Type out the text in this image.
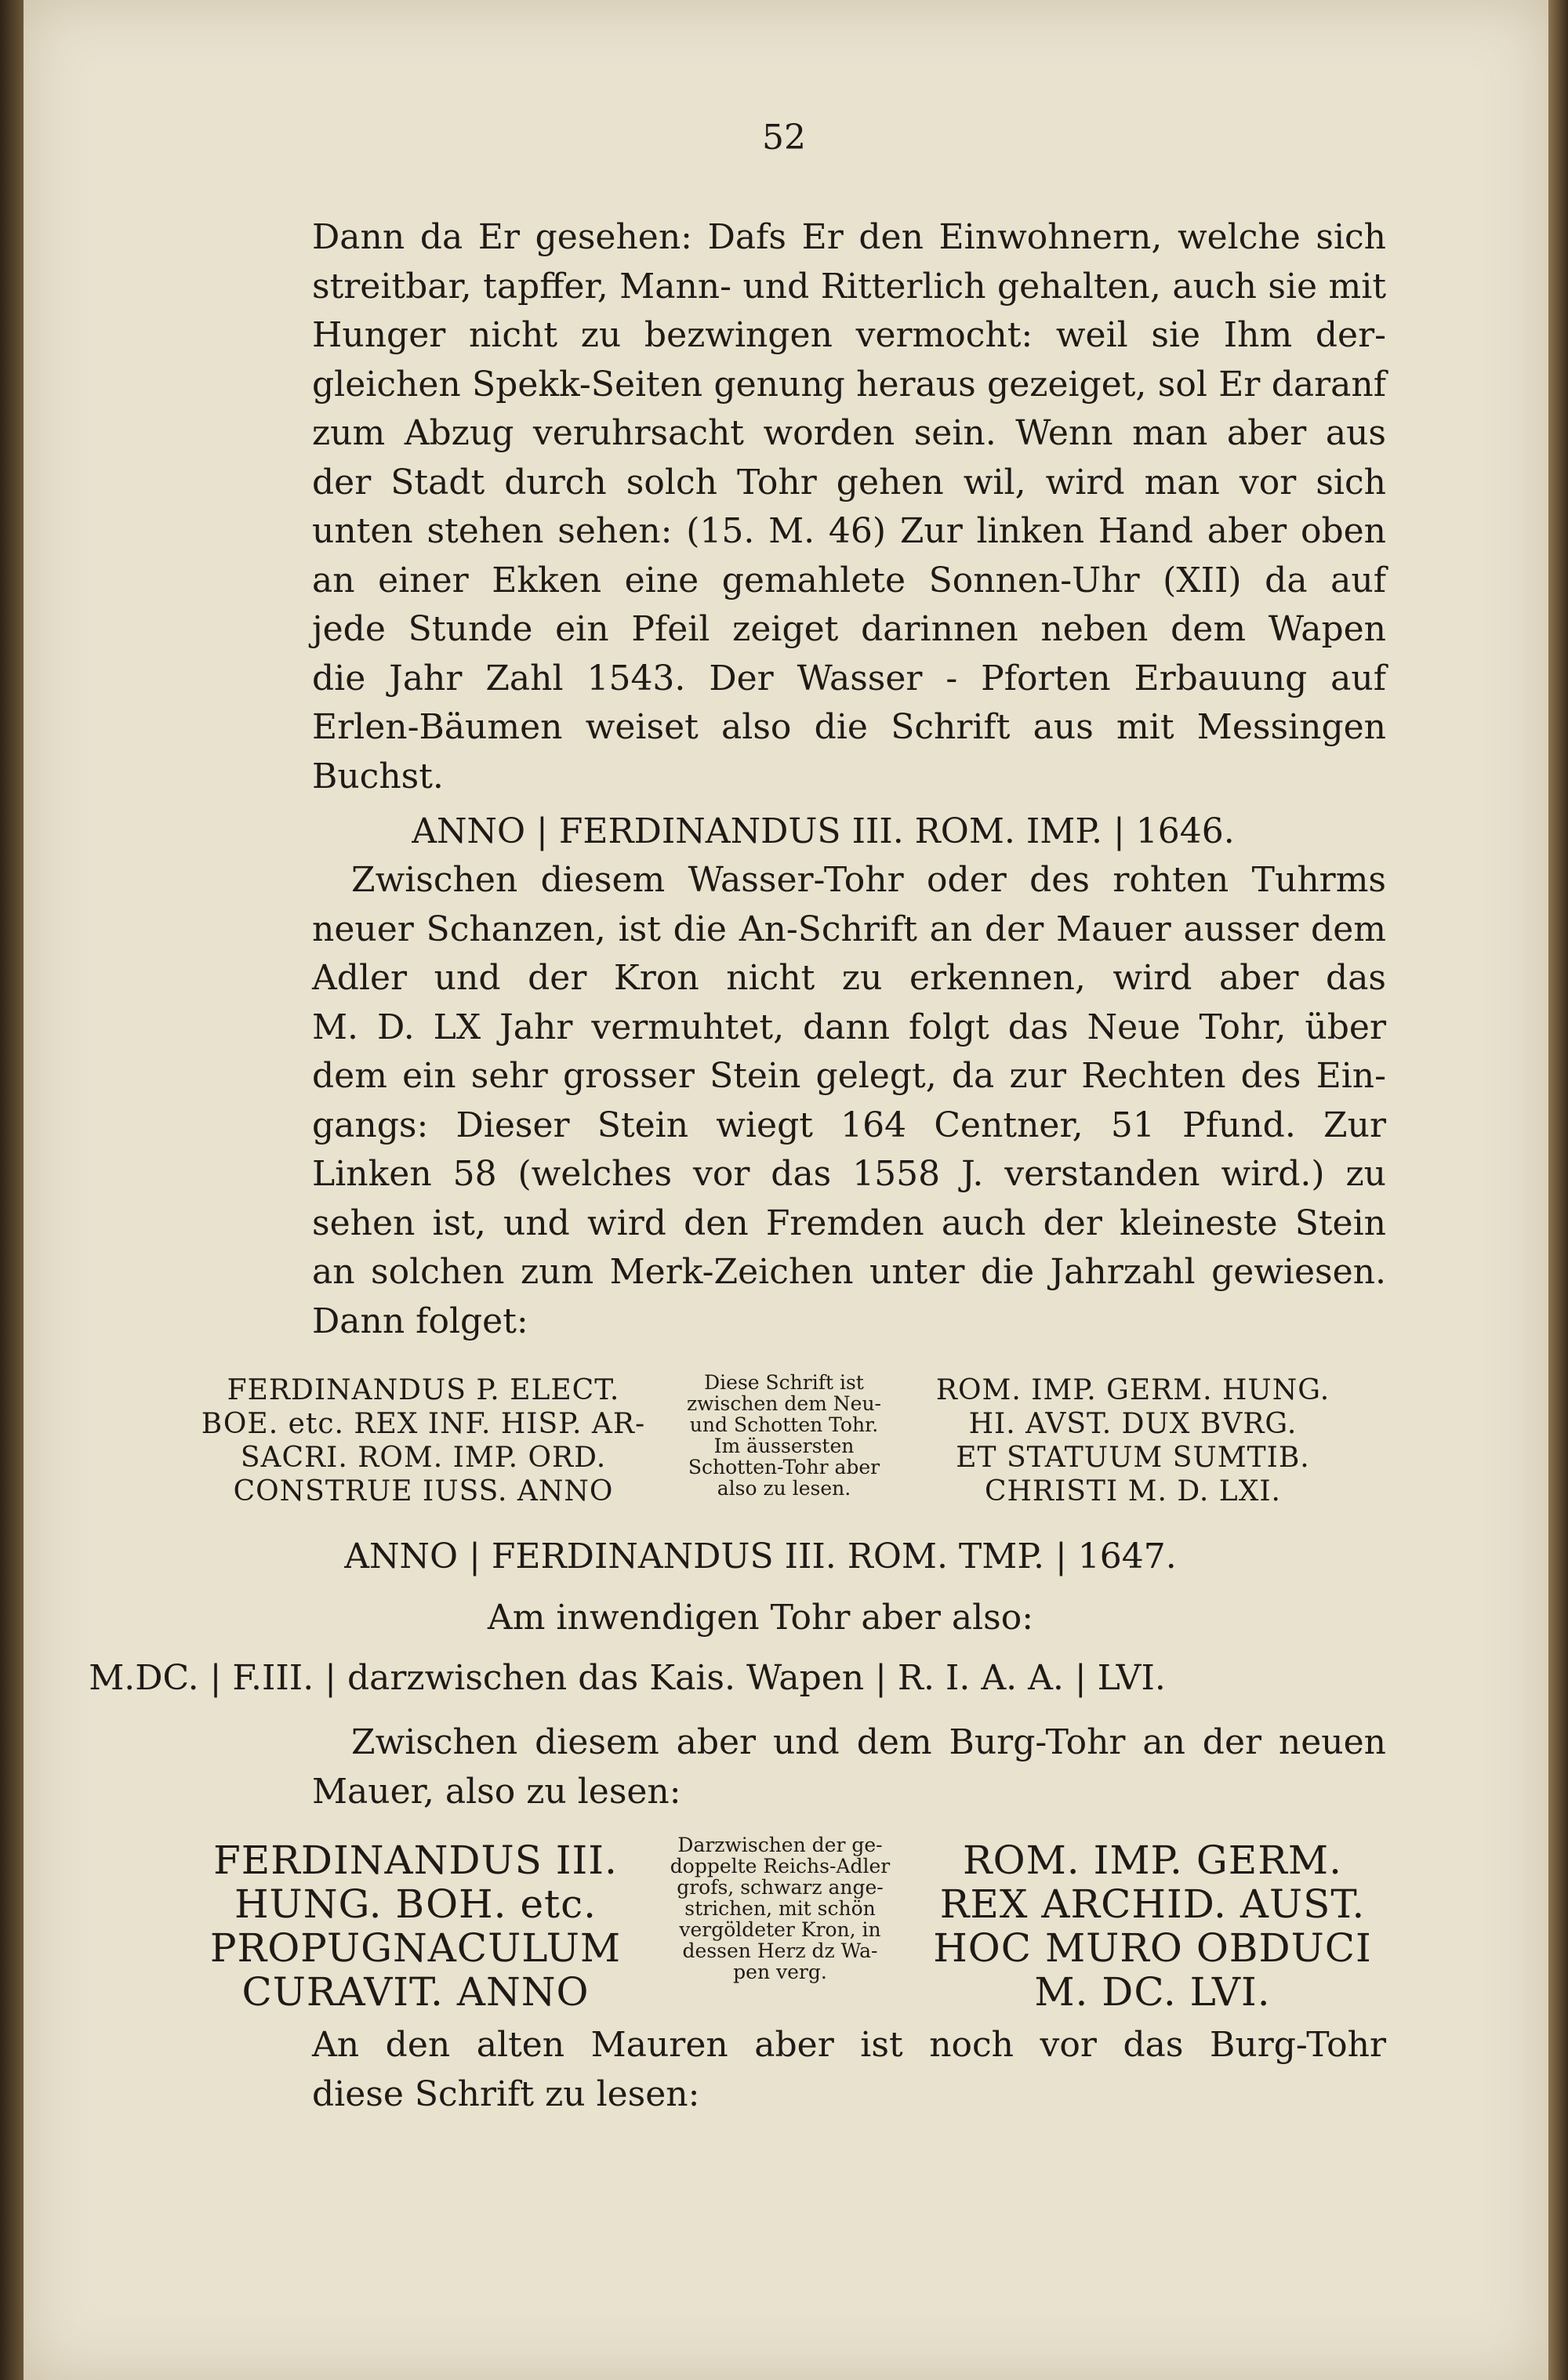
52

Dann da Er gesehen: Dafs Er den Einwohnern, welche sich
streitbar, tapffer, Mann- und Ritterlich gehalten, auch sie mit
Hunger nicht zu bezwingen vermocht: weil sie Ihm der-
gleichen Spekk-Seiten genung heraus gezeiget, sol Er daranf
zum Abzug veruhrsacht worden sein. Wenn man aber aus
der Stadt durch solch Tohr gehen wil, wird man vor sich
unten stehen sehen: (15. M. 46) Zur linken Hand aber oben
an einer Ekken eine gemahlete Sonnen-Uhr (XII) da auf
jede Stunde ein Pfeil zeiget darinnen neben dem Wapen
die Jahr Zahl 1543. Der Wasser - Pforten Erbauung auf
Erlen-Bäumen weiset also die Schrift aus mit Messingen
Buchst.

ANNO | FERDINANDUS III. ROM. IMP. | 1646.

Zwischen diesem Wasser-Tohr oder des rohten Tuhrms
neuer Schanzen, ist die An-Schrift an der Mauer ausser dem
Adler und der Kron nicht zu erkennen, wird aber das
M. D. LX Jahr vermuhtet, dann folgt das Neue Tohr, über
dem ein sehr grosser Stein gelegt, da zur Rechten des Ein-
gangs: Dieser Stein wiegt 164 Centner, 51 Pfund. Zur
Linken 58 (welches vor das 1558 J. verstanden wird.) zu
sehen ist, und wird den Fremden auch der kleineste Stein
an solchen zum Merk-Zeichen unter die Jahrzahl gewiesen.
Dann folget:

FERDINANDUS P. ELECT.
BOE. etc. REX INF. HISP. AR-
SACRI. ROM. IMP. ORD.
CONSTRUE IUSS. ANNO
Diese Schrift ist
zwischen dem Neu-
und Schotten Tohr.
Im äussersten
Schotten-Tohr aber
also zu lesen.
ROM. IMP. GERM. HUNG.
HI. AVST. DUX BVRG.
ET STATUUM SUMTIB.
CHRISTI M. D. LXI.

ANNO | FERDINANDUS III. ROM. TMP. | 1647.

Am inwendigen Tohr aber also:

M.DC. | F.III. | darzwischen das Kais. Wapen | R. I. A. A. | LVI.

Zwischen diesem aber und dem Burg-Tohr an der neuen
Mauer, also zu lesen:

FERDINANDUS III.
HUNG. BOH. etc.
PROPUGNACULUM
CURAVIT. ANNO
Darzwischen der ge-
doppelte Reichs-Adler
grofs, schwarz ange-
strichen, mit schön
vergöldeter Kron, in
dessen Herz dz Wa-
pen verg.
ROM. IMP. GERM.
REX ARCHID. AUST.
HOC MURO OBDUCI
M. DC. LVI.

An den alten Mauren aber ist noch vor das Burg-Tohr
diese Schrift zu lesen:
